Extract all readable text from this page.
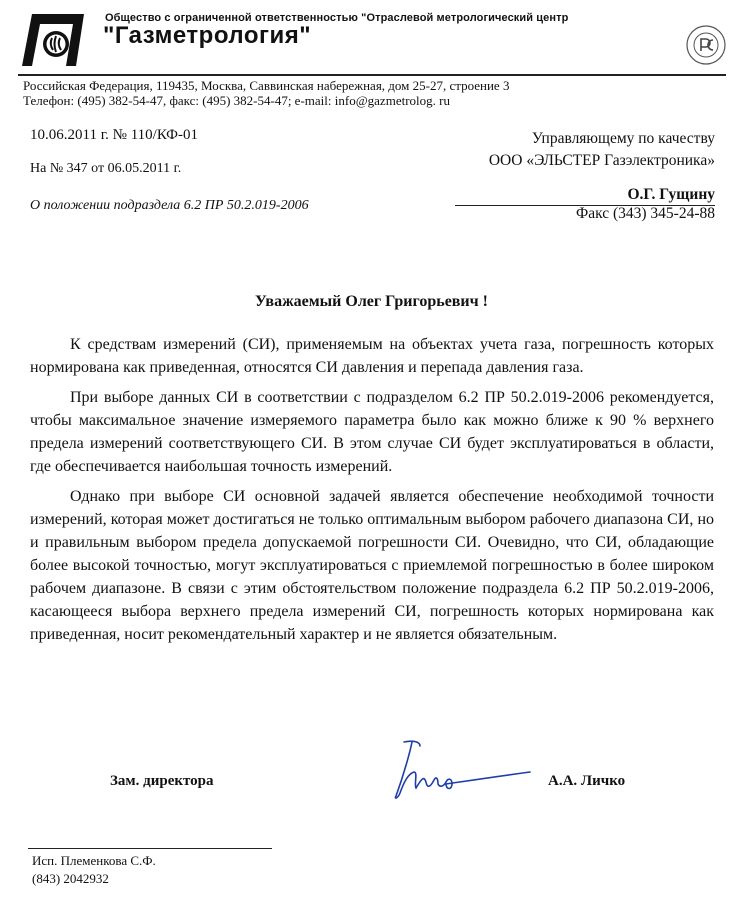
Общество с ограниченной ответственностью "Отраслевой метрологический центр
"Газметрология"
Российская Федерация, 119435, Москва, Саввинская набережная, дом 25-27, строение 3
Телефон: (495) 382-54-47, факс: (495) 382-54-47; e-mail: info@gazmetrolog. ru
10.06.2011 г. № 110/КФ-01
На № 347 от 06.05.2011 г.
О положении подраздела 6.2 ПР 50.2.019-2006
Управляющему по качеству
ООО «ЭЛЬСТЕР Газэлектроника»
О.Г. Гущину
Факс (343) 345-24-88
Уважаемый Олег Григорьевич !

К средствам измерений (СИ), применяемым на объектах учета газа, погрешность которых нормирована как приведенная, относятся СИ давления и перепада давления газа.

При выборе данных СИ в соответствии с подразделом 6.2 ПР 50.2.019-2006 рекомендуется, чтобы максимальное значение измеряемого параметра было как можно ближе к 90 % верхнего предела измерений соответствующего СИ. В этом случае СИ будет эксплуатироваться в области, где обеспечивается наибольшая точность измерений.

Однако при выборе СИ основной задачей является обеспечение необходимой точности измерений, которая может достигаться не только оптимальным выбором рабочего диапазона СИ, но и правильным выбором предела допускаемой погрешности СИ. Очевидно, что СИ, обладающие более высокой точностью, могут эксплуатироваться с приемлемой погрешностью в более широком рабочем диапазоне. В связи с этим обстоятельством положение подраздела 6.2 ПР 50.2.019-2006, касающееся выбора верхнего предела измерений СИ, погрешность которых нормирована как приведенная, носит рекомендательный характер и не является обязательным.

Зам. директора	А.А. Личко
Исп. Племенкова С.Ф.
(843) 2042932
